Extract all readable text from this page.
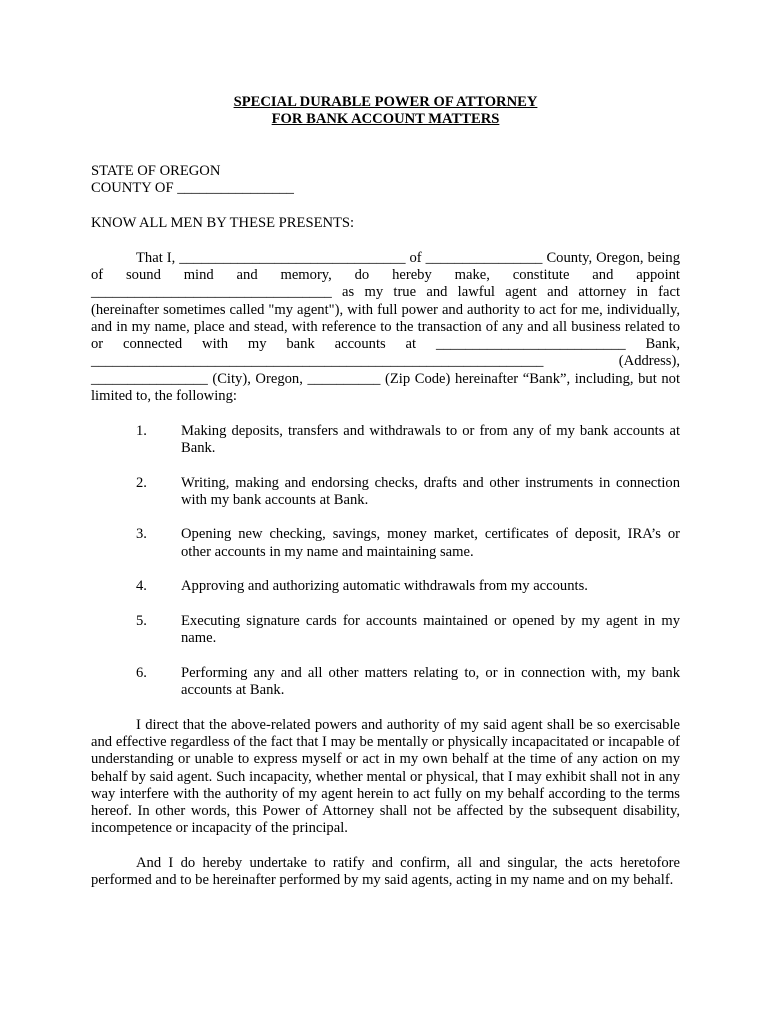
SPECIAL DURABLE POWER OF ATTORNEY

FOR BANK ACCOUNT MATTERS

STATE OF OREGON

COUNTY OF ________________

KNOW ALL MEN BY THESE PRESENTS:

That I, _______________________________ of ________________ County, Oregon, being of sound mind and memory, do hereby make, constitute and appoint _________________________________ as my true and lawful agent and attorney in fact (hereinafter sometimes called "my agent"), with full power and authority to act for me, individually, and in my name, place and stead, with reference to the transaction of any and all business related to or connected with my bank accounts at __________________________ Bank, ______________________________________________________________ (Address), ________________ (City), Oregon, __________ (Zip Code) hereinafter “Bank”, including, but not limited to, the following:

1. Making deposits, transfers and withdrawals to or from any of my bank accounts at Bank.
2. Writing, making and endorsing checks, drafts and other instruments in connection with my bank accounts at Bank.
3. Opening new checking, savings, money market, certificates of deposit, IRA’s or other accounts in my name and maintaining same.
4. Approving and authorizing automatic withdrawals from my accounts.
5. Executing signature cards for accounts maintained or opened by my agent in my name.
6. Performing any and all other matters relating to, or in connection with, my bank accounts at Bank.

I direct that the above-related powers and authority of my said agent shall be so exercisable and effective regardless of the fact that I may be mentally or physically incapacitated or incapable of understanding or unable to express myself or act in my own behalf at the time of any action on my behalf by said agent. Such incapacity, whether mental or physical, that I may exhibit shall not in any way interfere with the authority of my agent herein to act fully on my behalf according to the terms hereof. In other words, this Power of Attorney shall not be affected by the subsequent disability, incompetence or incapacity of the principal.

And I do hereby undertake to ratify and confirm, all and singular, the acts heretofore performed and to be hereinafter performed by my said agents, acting in my name and on my behalf.
